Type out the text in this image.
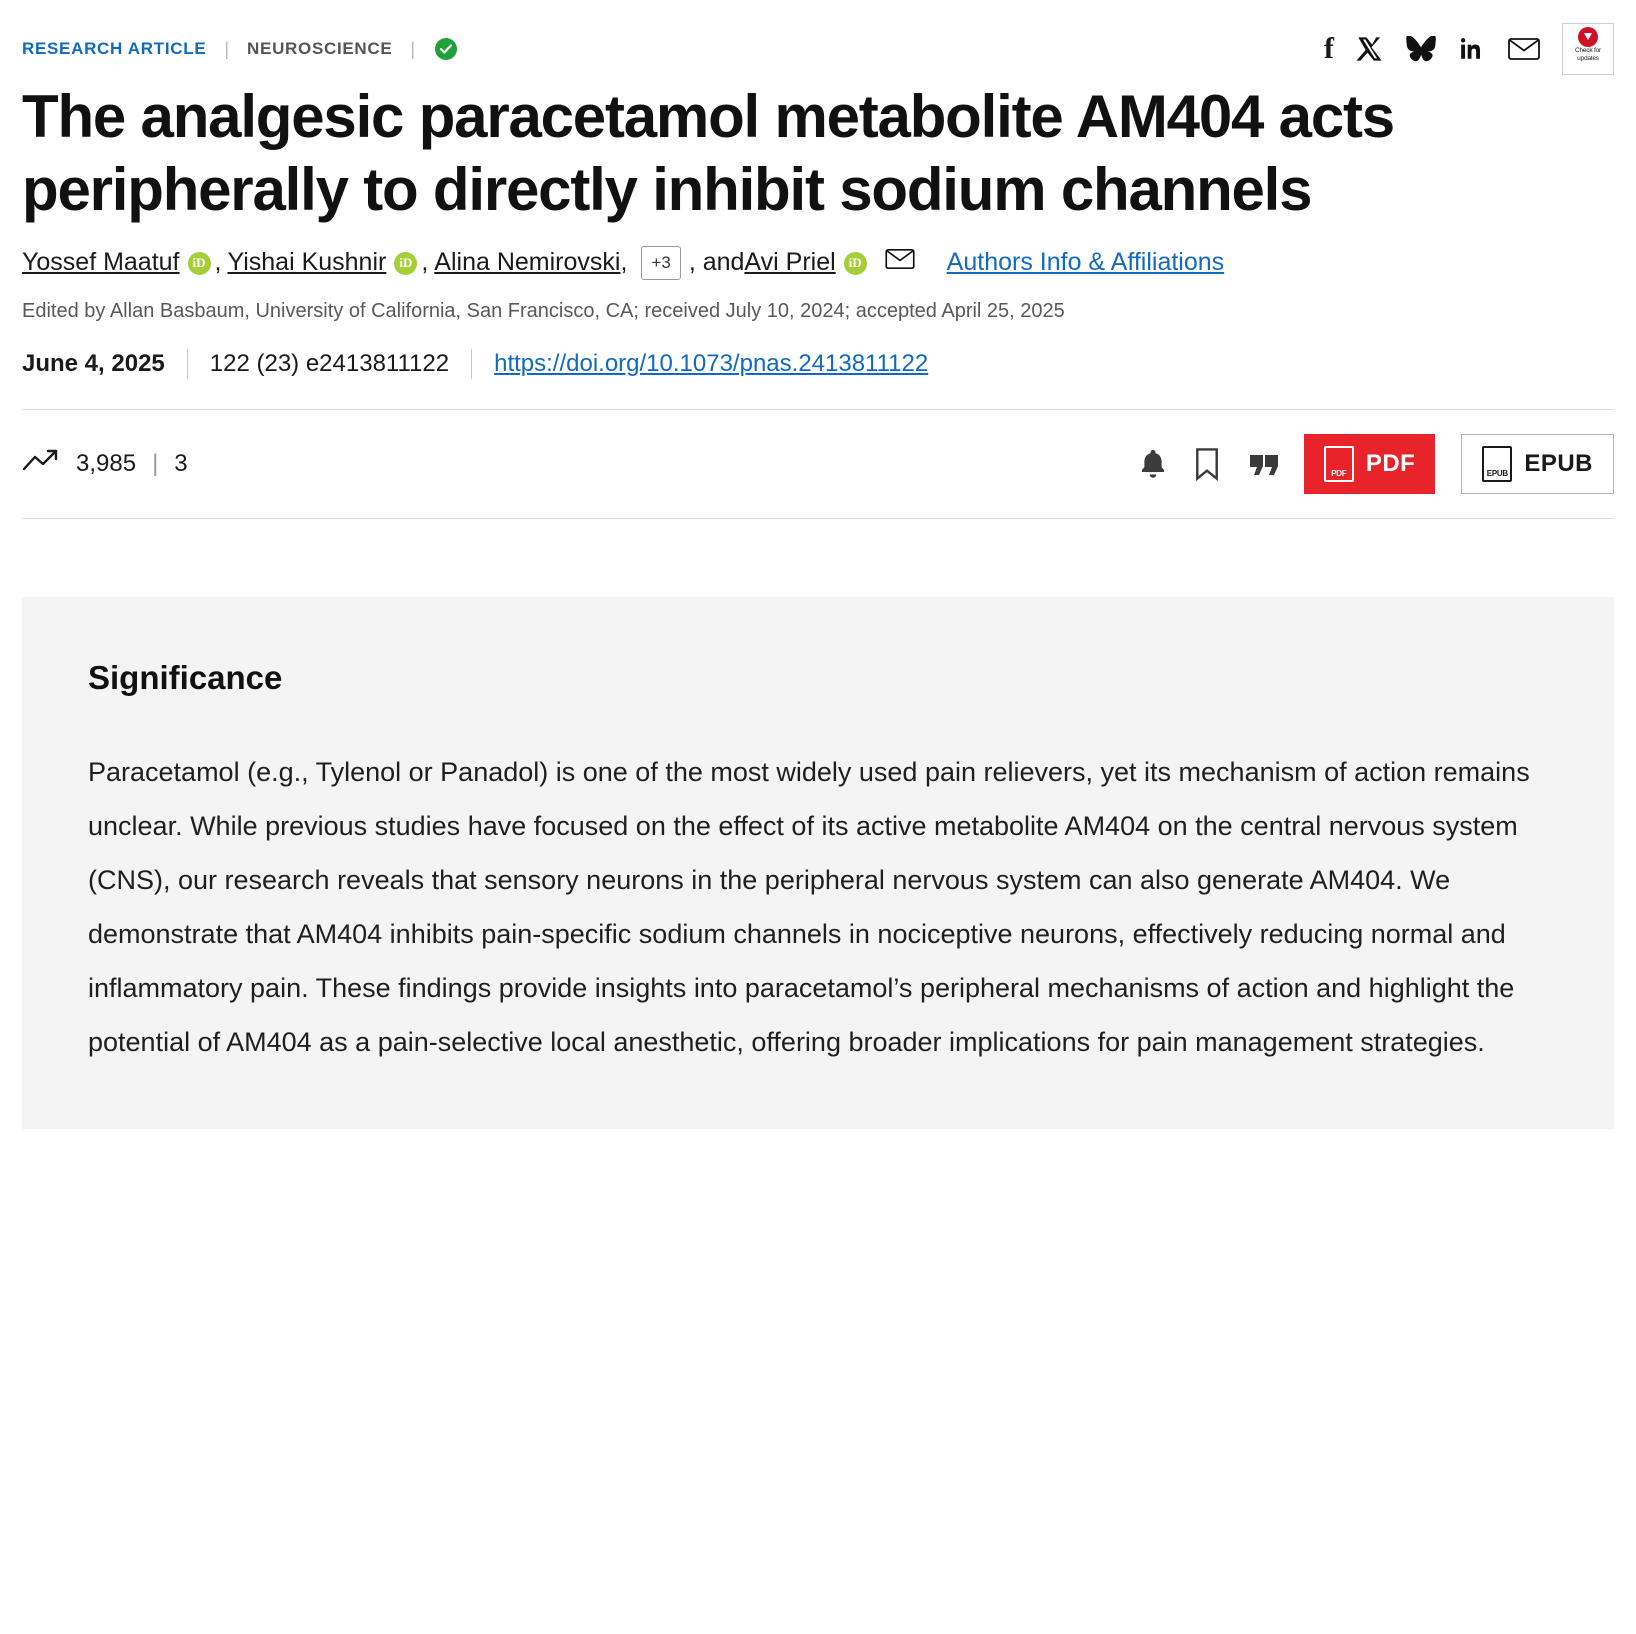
RESEARCH ARTICLE | NEUROSCIENCE |	f	Check for
updates
The analgesic paracetamol metabolite AM404 acts peripherally to directly inhibit sodium channels
Yossef Maatuf	iD , Yishai Kushnir	iD , Alina Nemirovski ,	+3 , and Avi Priel	iD	Authors Info & Affiliations
Edited by Allan Basbaum, University of California, San Francisco, CA; received July 10, 2024; accepted April 25, 2025
June 4, 2025 122 (23) e2413811122 https://doi.org/10.1073/pnas.2413811122
3,985 | 3	PDF PDF	EPUB EPUB
Significance

Paracetamol (e.g., Tylenol or Panadol) is one of the most widely used pain relievers, yet its mechanism of action remains unclear. While previous studies have focused on the effect of its active metabolite AM404 on the central nervous system (CNS), our research reveals that sensory neurons in the peripheral nervous system can also generate AM404. We demonstrate that AM404 inhibits pain-specific sodium channels in nociceptive neurons, effectively reducing normal and inflammatory pain. These findings provide insights into paracetamol’s peripheral mechanisms of action and highlight the potential of AM404 as a pain-selective local anesthetic, offering broader implications for pain management strategies.
